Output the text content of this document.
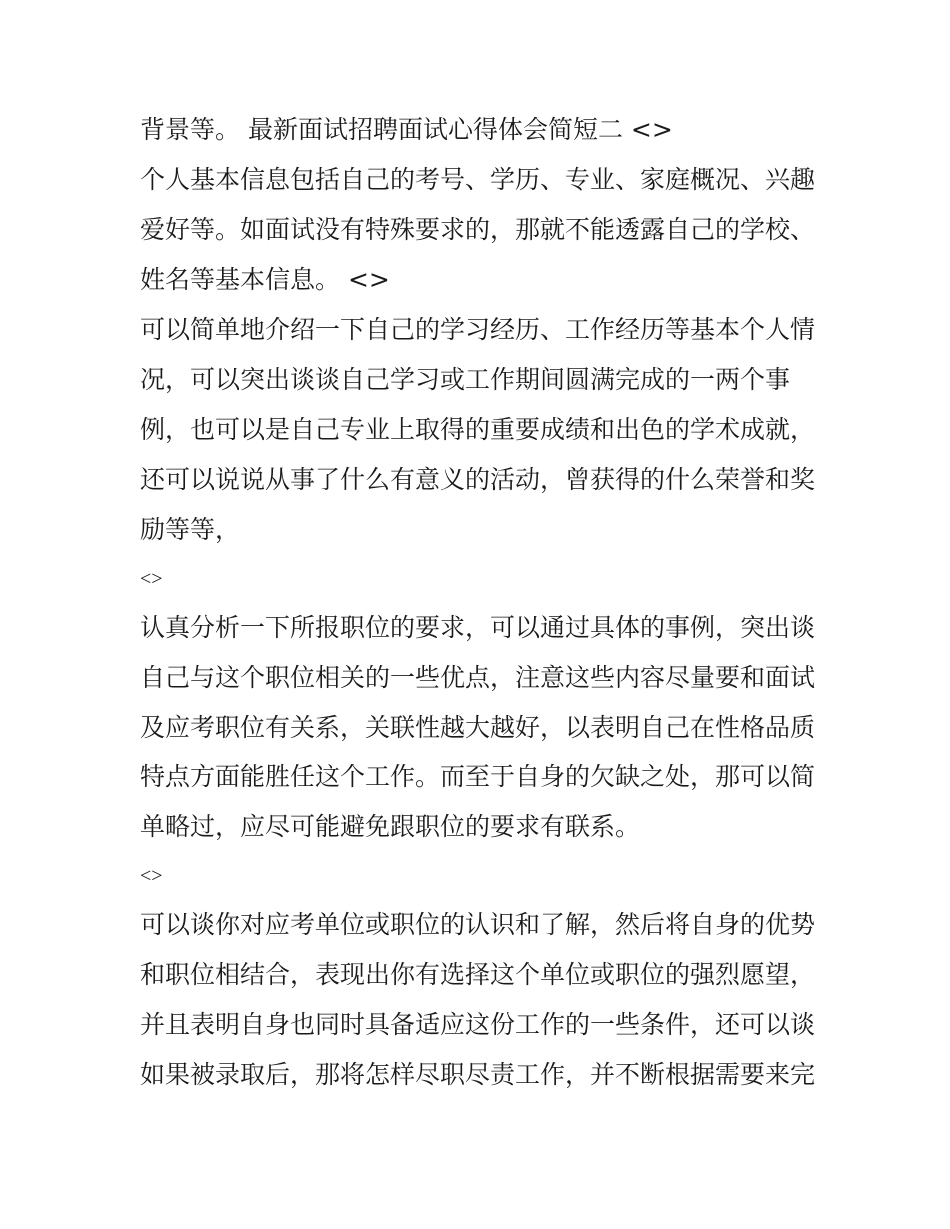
背景等。 最新面试招聘面试心得体会简短二 <>
个人基本信息包括自己的考号、学历、专业、家庭概况、兴趣
爱好等。如面试没有特殊要求的，那就不能透露自己的学校、
姓名等基本信息。 <>
可以简单地介绍一下自己的学习经历、工作经历等基本个人情
况，可以突出谈谈自己学习或工作期间圆满完成的一两个事
例，也可以是自己专业上取得的重要成绩和出色的学术成就，
还可以说说从事了什么有意义的活动，曾获得的什么荣誉和奖
励等等，
<>
认真分析一下所报职位的要求，可以通过具体的事例，突出谈
自己与这个职位相关的一些优点，注意这些内容尽量要和面试
及应考职位有关系，关联性越大越好，以表明自己在性格品质
特点方面能胜任这个工作。而至于自身的欠缺之处，那可以简
单略过，应尽可能避免跟职位的要求有联系。
<>
可以谈你对应考单位或职位的认识和了解，然后将自身的优势
和职位相结合，表现出你有选择这个单位或职位的强烈愿望，
并且表明自身也同时具备适应这份工作的一些条件，还可以谈
如果被录取后，那将怎样尽职尽责工作，并不断根据需要来完
